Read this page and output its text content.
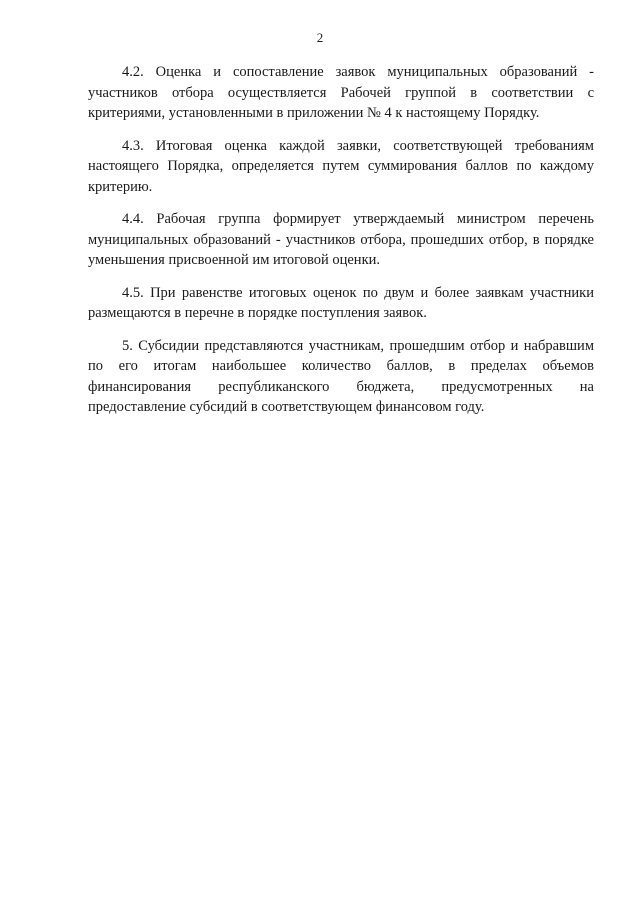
2

4.2. Оценка и сопоставление заявок муниципальных образований - участников отбора осуществляется Рабочей группой в соответствии с критериями, установленными в приложении № 4 к настоящему Порядку.

4.3. Итоговая оценка каждой заявки, соответствующей требованиям настоящего Порядка, определяется путем суммирования баллов по каждому критерию.

4.4. Рабочая группа формирует утверждаемый министром перечень муниципальных образований - участников отбора, прошедших отбор, в порядке уменьшения присвоенной им итоговой оценки.

4.5. При равенстве итоговых оценок по двум и более заявкам участники размещаются в перечне в порядке поступления заявок.

5. Субсидии представляются участникам, прошедшим отбор и набравшим по его итогам наибольшее количество баллов, в пределах объемов финансирования республиканского бюджета, предусмотренных на предоставление субсидий в соответствующем финансовом году.
